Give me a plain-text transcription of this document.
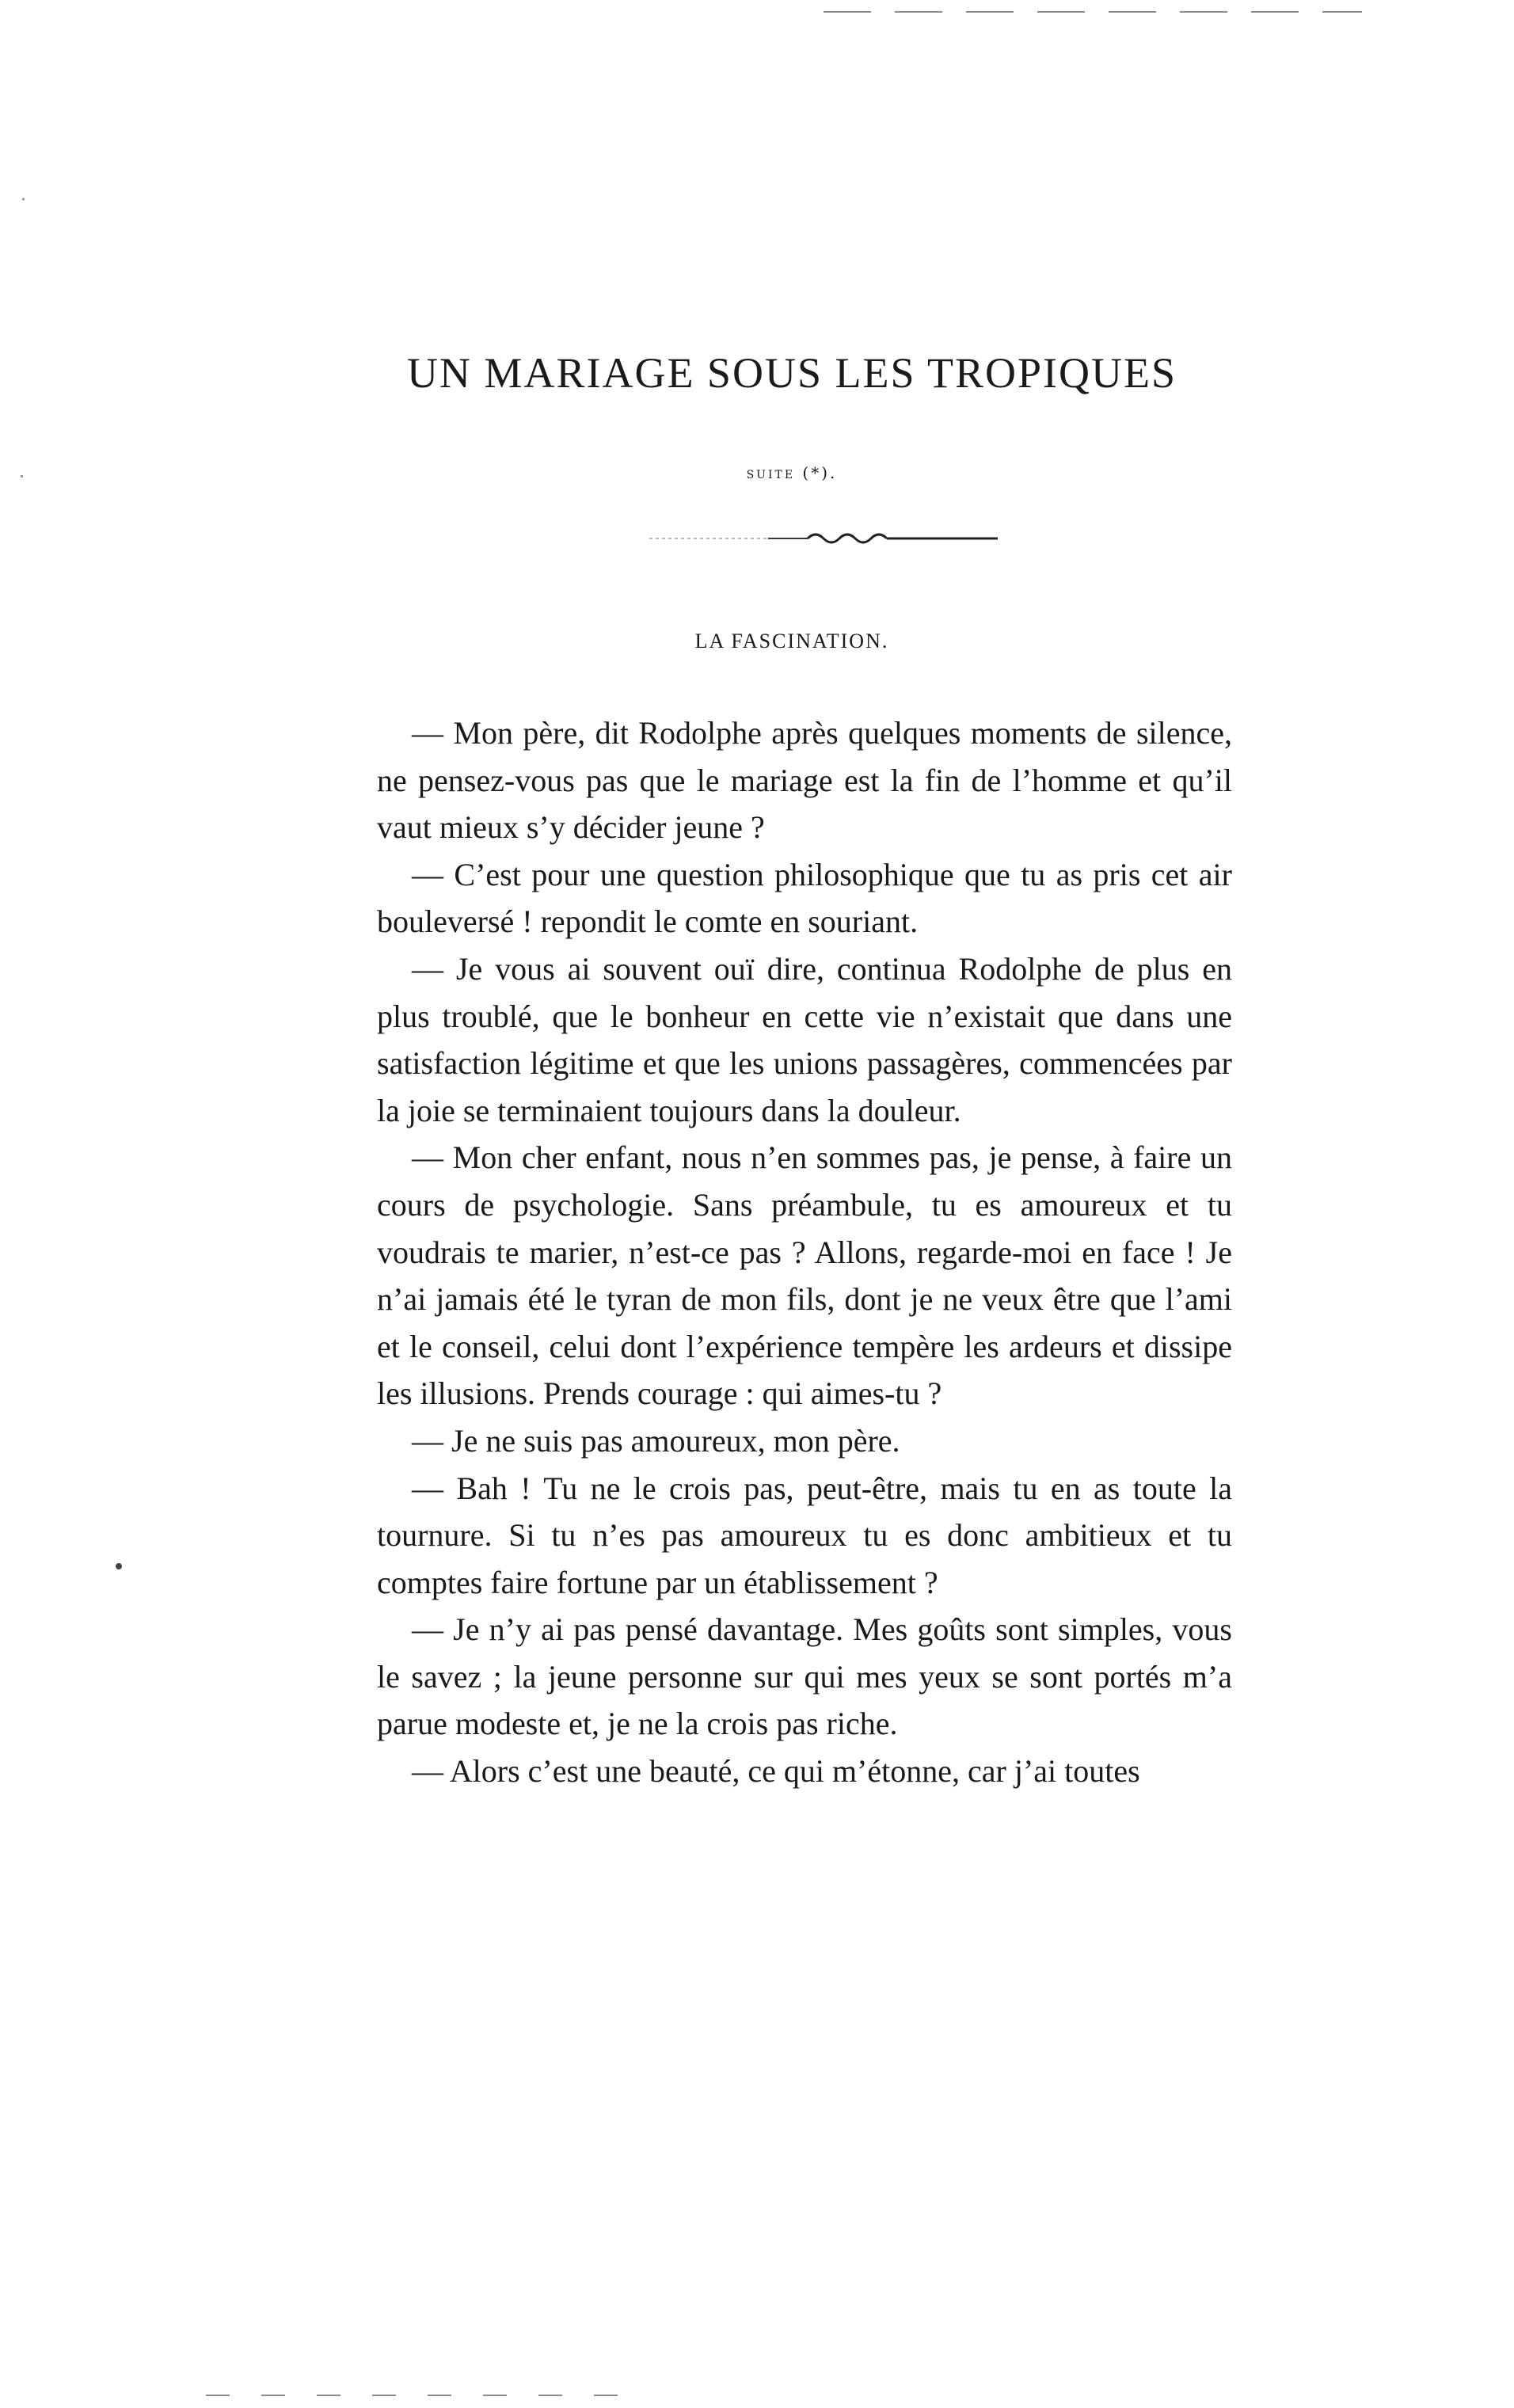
UN MARIAGE SOUS LES TROPIQUES
suite (*).
LA FASCINATION.

— Mon père, dit Rodolphe après quelques moments de silence, ne pensez-vous pas que le mariage est la fin de l’homme et qu’il vaut mieux s’y décider jeune ?

— C’est pour une question philosophique que tu as pris cet air bouleversé ! repondit le comte en souriant.

— Je vous ai souvent ouï dire, continua Rodolphe de plus en plus troublé, que le bonheur en cette vie n’existait que dans une satisfaction légitime et que les unions passagères, commencées par la joie se terminaient toujours dans la douleur.

— Mon cher enfant, nous n’en sommes pas, je pense, à faire un cours de psychologie. Sans préambule, tu es amoureux et tu voudrais te marier, n’est-ce pas ? Allons, regarde-moi en face ! Je n’ai jamais été le tyran de mon fils, dont je ne veux être que l’ami et le conseil, celui dont l’expérience tempère les ardeurs et dissipe les illusions. Prends courage : qui aimes-tu ?

— Je ne suis pas amoureux, mon père.

— Bah ! Tu ne le crois pas, peut-être, mais tu en as toute la tournure. Si tu n’es pas amoureux tu es donc ambitieux et tu comptes faire fortune par un établissement ?

— Je n’y ai pas pensé davantage. Mes goûts sont simples, vous le savez ; la jeune personne sur qui mes yeux se sont portés m’a parue modeste et, je ne la crois pas riche.

— Alors c’est une beauté, ce qui m’étonne, car j’ai toutes
